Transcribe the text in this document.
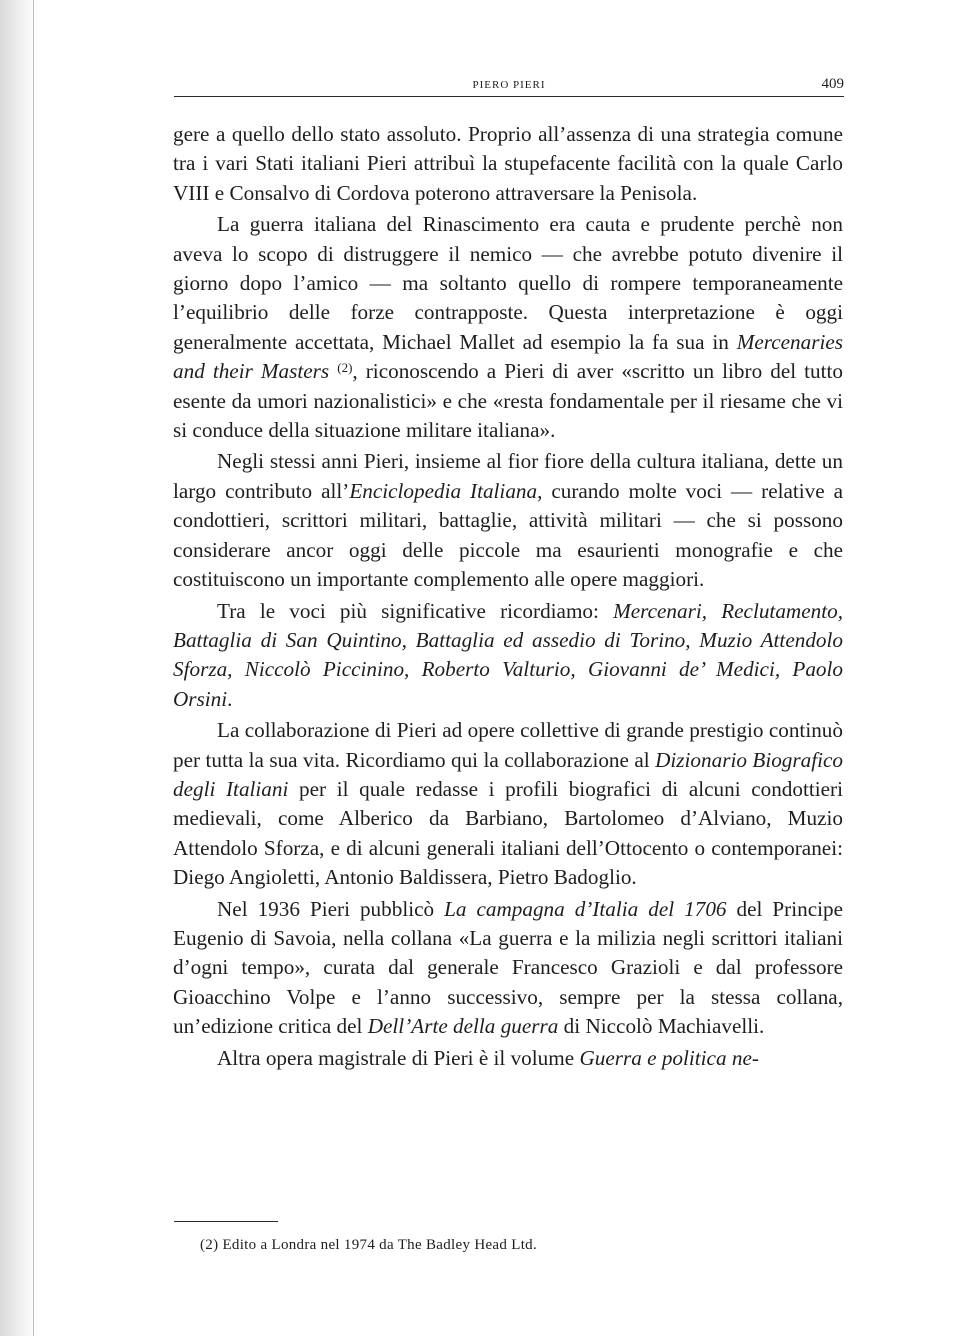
PIERO PIERI	409

gere a quello dello stato assoluto. Proprio all’assenza di una strategia comune tra i vari Stati italiani Pieri attribuì la stupefacente facilità con la quale Carlo VIII e Consalvo di Cordova poterono attraversare la Penisola.

La guerra italiana del Rinascimento era cauta e prudente perchè non aveva lo scopo di distruggere il nemico — che avrebbe potuto divenire il giorno dopo l’amico — ma soltanto quello di rompere temporaneamente l’equilibrio delle forze contrapposte. Questa interpretazione è oggi generalmente accettata, Michael Mallet ad esempio la fa sua in Mercenaries and their Masters $^{(2)}$, riconoscendo a Pieri di aver «scritto un libro del tutto esente da umori nazionalistici» e che «resta fondamentale per il riesame che vi si conduce della situazione militare italiana».

Negli stessi anni Pieri, insieme al fior fiore della cultura italiana, dette un largo contributo all’Enciclopedia Italiana, curando molte voci — relative a condottieri, scrittori militari, battaglie, attività militari — che si possono considerare ancor oggi delle piccole ma esaurienti monografie e che costituiscono un importante complemento alle opere maggiori.

Tra le voci più significative ricordiamo: Mercenari, Reclutamento, Battaglia di San Quintino, Battaglia ed assedio di Torino, Muzio Attendolo Sforza, Niccolò Piccinino, Roberto Valturio, Giovanni de’ Medici, Paolo Orsini.

La collaborazione di Pieri ad opere collettive di grande prestigio continuò per tutta la sua vita. Ricordiamo qui la collaborazione al Dizionario Biografico degli Italiani per il quale redasse i profili biografici di alcuni condottieri medievali, come Alberico da Barbiano, Bartolomeo d’Alviano, Muzio Attendolo Sforza, e di alcuni generali italiani dell’Ottocento o contemporanei: Diego Angioletti, Antonio Baldissera, Pietro Badoglio.

Nel 1936 Pieri pubblicò La campagna d’Italia del 1706 del Principe Eugenio di Savoia, nella collana «La guerra e la milizia negli scrittori italiani d’ogni tempo», curata dal generale Francesco Grazioli e dal professore Gioacchino Volpe e l’anno successivo, sempre per la stessa collana, un’edizione critica del Dell’Arte della guerra di Niccolò Machiavelli.

Altra opera magistrale di Pieri è il volume Guerra e politica ne-

(2) Edito a Londra nel 1974 da The Badley Head Ltd.
